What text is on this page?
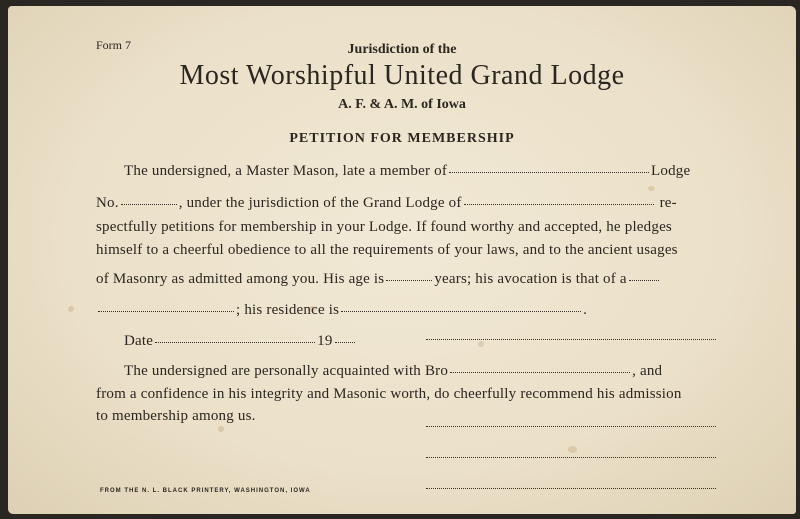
Form 7	Jurisdiction of the
Most Worshipful United Grand Lodge
A. F. & A. M. of Iowa
PETITION FOR MEMBERSHIP
The undersigned, a Master Mason, late a member of	Lodge
No.	, under the jurisdiction of the Grand Lodge of	re-
spectfully petitions for membership in your Lodge. If found worthy and accepted, he pledges
himself to a cheerful obedience to all the requirements of your laws, and to the ancient usages
of Masonry as admitted among you. His age is	years; his avocation is that of a
; his residence is	.
Date	19
The undersigned are personally acquainted with Bro	, and
from a confidence in his integrity and Masonic worth, do cheerfully recommend his admission
to membership among us.
FROM THE N. L. BLACK PRINTERY, WASHINGTON, IOWA
